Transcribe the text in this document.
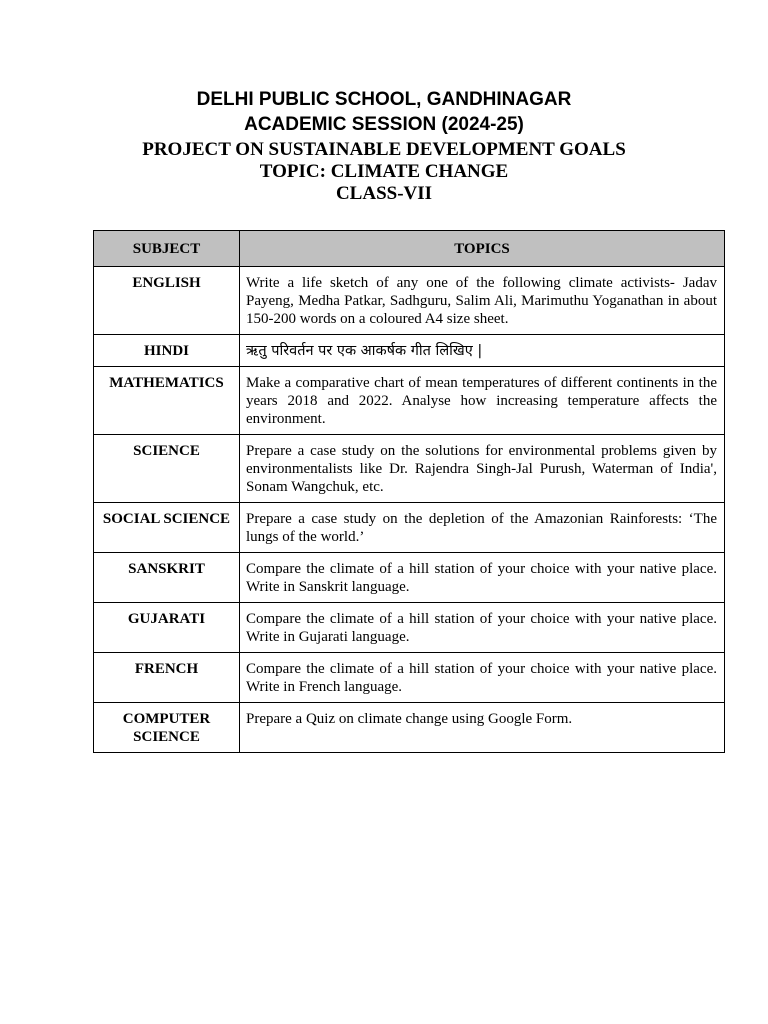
DELHI PUBLIC SCHOOL, GANDHINAGAR

ACADEMIC SESSION (2024-25)

PROJECT ON SUSTAINABLE DEVELOPMENT GOALS

TOPIC: CLIMATE CHANGE

CLASS-VII

SUBJECT	TOPICS
ENGLISH	Write a life sketch of any one of the following climate activists- Jadav Payeng, Medha Patkar, Sadhguru, Salim Ali, Marimuthu Yoganathan in about 150-200 words on a coloured A4 size sheet.
HINDI	ऋतु परिवर्तन पर एक आकर्षक गीत लिखिए |
MATHEMATICS	Make a comparative chart of mean temperatures of different continents in the years 2018 and 2022. Analyse how increasing temperature affects the environment.
SCIENCE	Prepare a case study on the solutions for environmental problems given by environmentalists like Dr. Rajendra Singh-Jal Purush, Waterman of India', Sonam Wangchuk, etc.
SOCIAL SCIENCE	Prepare a case study on the depletion of the Amazonian Rainforests: ‘The lungs of the world.’
SANSKRIT	Compare the climate of a hill station of your choice with your native place. Write in Sanskrit language.
GUJARATI	Compare the climate of a hill station of your choice with your native place. Write in Gujarati language.
FRENCH	Compare the climate of a hill station of your choice with your native place. Write in French language.
COMPUTER SCIENCE	Prepare a Quiz on climate change using Google Form.
